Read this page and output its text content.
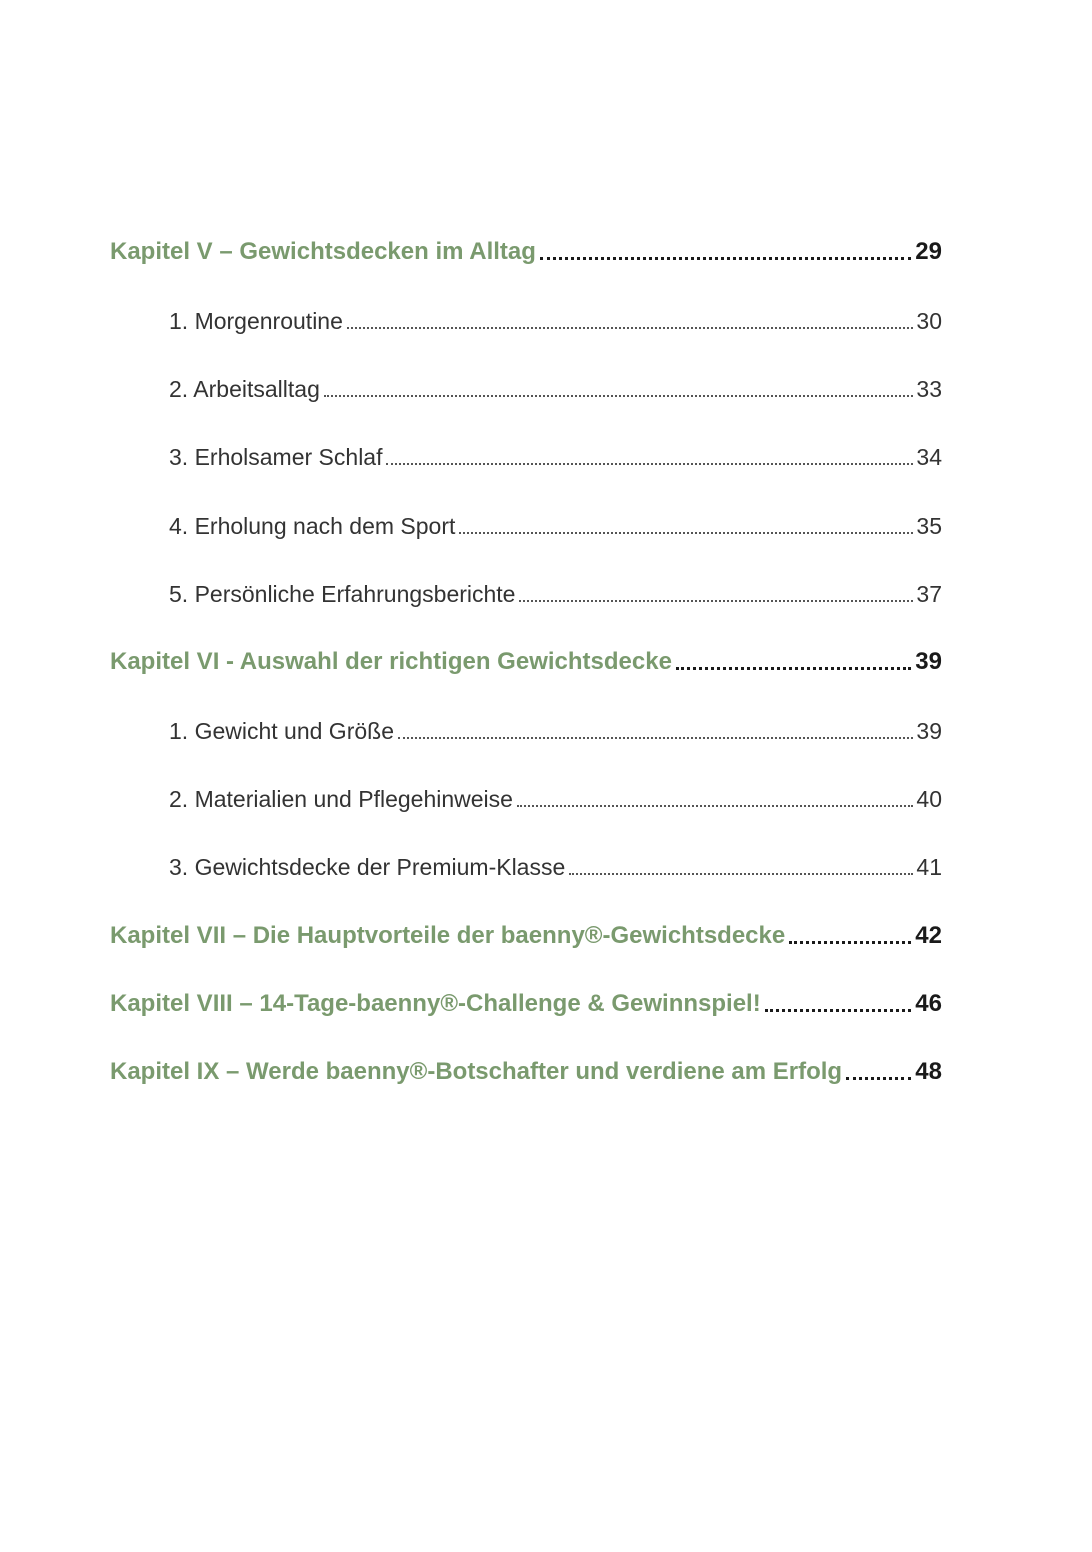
Kapitel V – Gewichtsdecken im Alltag	29
1. Morgenroutine	30
2. Arbeitsalltag	33
3. Erholsamer Schlaf	34
4. Erholung nach dem Sport	35
5. Persönliche Erfahrungsberichte	37
Kapitel VI - Auswahl der richtigen Gewichtsdecke	39
1. Gewicht und Größe	39
2. Materialien und Pflegehinweise	40
3. Gewichtsdecke der Premium-Klasse	41
Kapitel VII – Die Hauptvorteile der baenny®-Gewichtsdecke	42
Kapitel VIII – 14-Tage-baenny®-Challenge & Gewinnspiel!	46
Kapitel IX – Werde baenny®-Botschafter und verdiene am Erfolg	48
